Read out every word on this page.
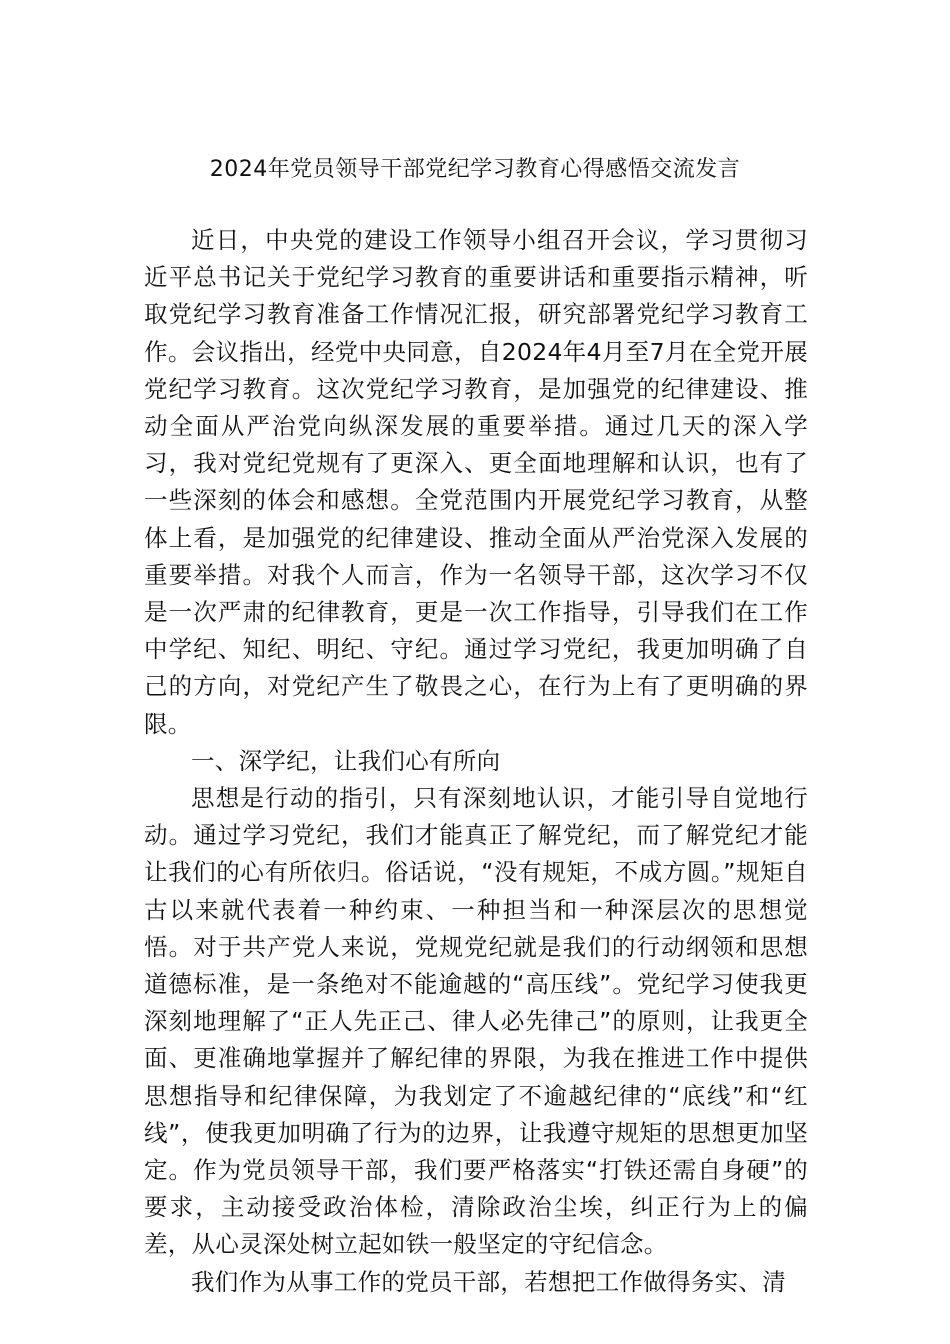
2024年党员领导干部党纪学习教育心得感悟交流发言

近日，中央党的建设工作领导小组召开会议，学习贯彻习近平总书记关于党纪学习教育的重要讲话和重要指示精神，听取党纪学习教育准备工作情况汇报，研究部署党纪学习教育工作。会议指出，经党中央同意，自2024年4月至7月在全党开展党纪学习教育。这次党纪学习教育，是加强党的纪律建设、推动全面从严治党向纵深发展的重要举措。通过几天的深入学习，我对党纪党规有了更深入、更全面地理解和认识，也有了一些深刻的体会和感想。全党范围内开展党纪学习教育，从整体上看，是加强党的纪律建设、推动全面从严治党深入发展的重要举措。对我个人而言，作为一名领导干部，这次学习不仅是一次严肃的纪律教育，更是一次工作指导，引导我们在工作中学纪、知纪、明纪、守纪。通过学习党纪，我更加明确了自己的方向，对党纪产生了敬畏之心，在行为上有了更明确的界限。

一、深学纪，让我们心有所向

思想是行动的指引，只有深刻地认识，才能引导自觉地行动。通过学习党纪，我们才能真正了解党纪，而了解党纪才能让我们的心有所依归。俗话说，“没有规矩，不成方圆。”规矩自古以来就代表着一种约束、一种担当和一种深层次的思想觉悟。对于共产党人来说，党规党纪就是我们的行动纲领和思想道德标准，是一条绝对不能逾越的“高压线”。党纪学习使我更深刻地理解了“正人先正己、律人必先律己”的原则，让我更全面、更准确地掌握并了解纪律的界限，为我在推进工作中提供思想指导和纪律保障，为我划定了不逾越纪律的“底线”和“红线”，使我更加明确了行为的边界，让我遵守规矩的思想更加坚定。作为党员领导干部，我们要严格落实“打铁还需自身硬”的要求，主动接受政治体检，清除政治尘埃，纠正行为上的偏差，从心灵深处树立起如铁一般坚定的守纪信念。

我们作为从事工作的党员干部，若想把工作做得务实、清
